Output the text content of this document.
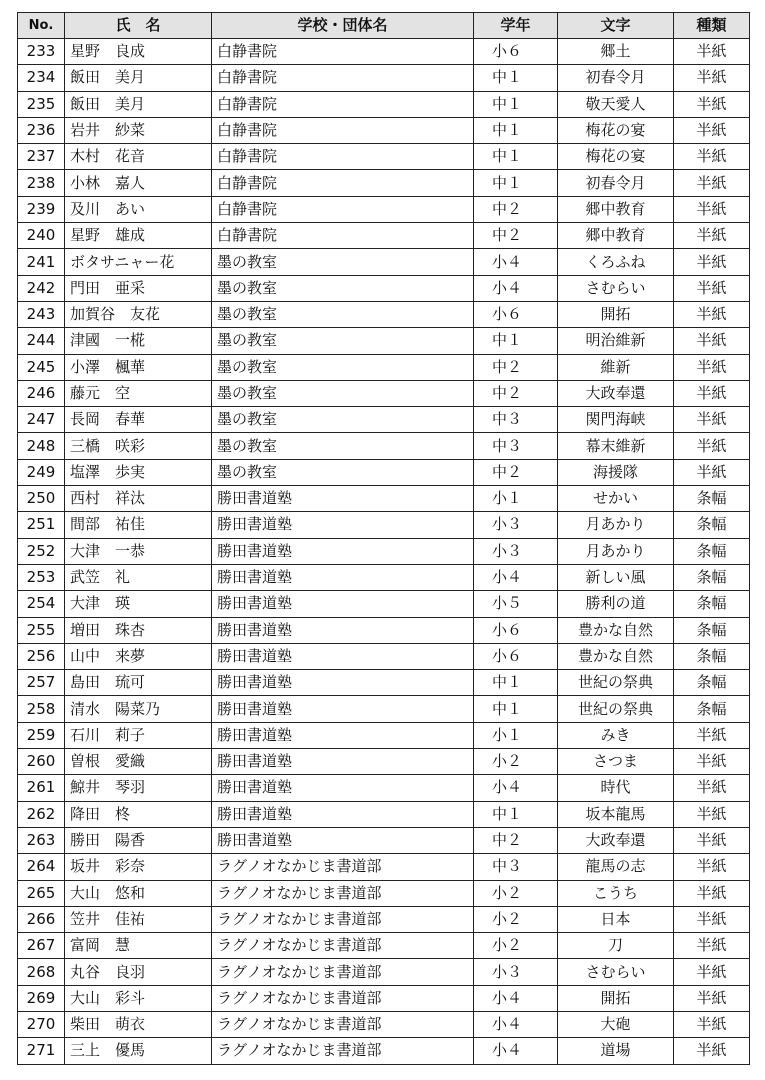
No.	氏　名	学校・団体名	学年	文字	種類
233	星野　良成	白静書院	小６	郷土	半紙
234	飯田　美月	白静書院	中１	初春令月	半紙
235	飯田　美月	白静書院	中１	敬天愛人	半紙
236	岩井　紗菜	白静書院	中１	梅花の宴	半紙
237	木村　花音	白静書院	中１	梅花の宴	半紙
238	小林　嘉人	白静書院	中１	初春令月	半紙
239	及川　あい	白静書院	中２	郷中教育	半紙
240	星野　雄成	白静書院	中２	郷中教育	半紙
241	ボタサニャー花	墨の教室	小４	くろふね	半紙
242	門田　亜采	墨の教室	小４	さむらい	半紙
243	加賀谷　友花	墨の教室	小６	開拓	半紙
244	津國　一椛	墨の教室	中１	明治維新	半紙
245	小澤　楓華	墨の教室	中２	維新	半紙
246	藤元　空	墨の教室	中２	大政奉還	半紙
247	長岡　春華	墨の教室	中３	関門海峡	半紙
248	三橋　咲彩	墨の教室	中３	幕末維新	半紙
249	塩澤　歩実	墨の教室	中２	海援隊	半紙
250	西村　祥汰	勝田書道塾	小１	せかい	条幅
251	間部　祐佳	勝田書道塾	小３	月あかり	条幅
252	大津　一恭	勝田書道塾	小３	月あかり	条幅
253	武笠　礼	勝田書道塾	小４	新しい風	条幅
254	大津　瑛	勝田書道塾	小５	勝利の道	条幅
255	増田　珠杏	勝田書道塾	小６	豊かな自然	条幅
256	山中　来夢	勝田書道塾	小６	豊かな自然	条幅
257	島田　琉可	勝田書道塾	中１	世紀の祭典	条幅
258	清水　陽菜乃	勝田書道塾	中１	世紀の祭典	条幅
259	石川　莉子	勝田書道塾	小１	みき	半紙
260	曽根　愛織	勝田書道塾	小２	さつま	半紙
261	鯨井　琴羽	勝田書道塾	小４	時代	半紙
262	降田　柊	勝田書道塾	中１	坂本龍馬	半紙
263	勝田　陽香	勝田書道塾	中２	大政奉還	半紙
264	坂井　彩奈	ラグノオなかじま書道部	中３	龍馬の志	半紙
265	大山　悠和	ラグノオなかじま書道部	小２	こうち	半紙
266	笠井　佳祐	ラグノオなかじま書道部	小２	日本	半紙
267	富岡　慧	ラグノオなかじま書道部	小２	刀	半紙
268	丸谷　良羽	ラグノオなかじま書道部	小３	さむらい	半紙
269	大山　彩斗	ラグノオなかじま書道部	小４	開拓	半紙
270	柴田　萌衣	ラグノオなかじま書道部	小４	大砲	半紙
271	三上　優馬	ラグノオなかじま書道部	小４	道場	半紙
